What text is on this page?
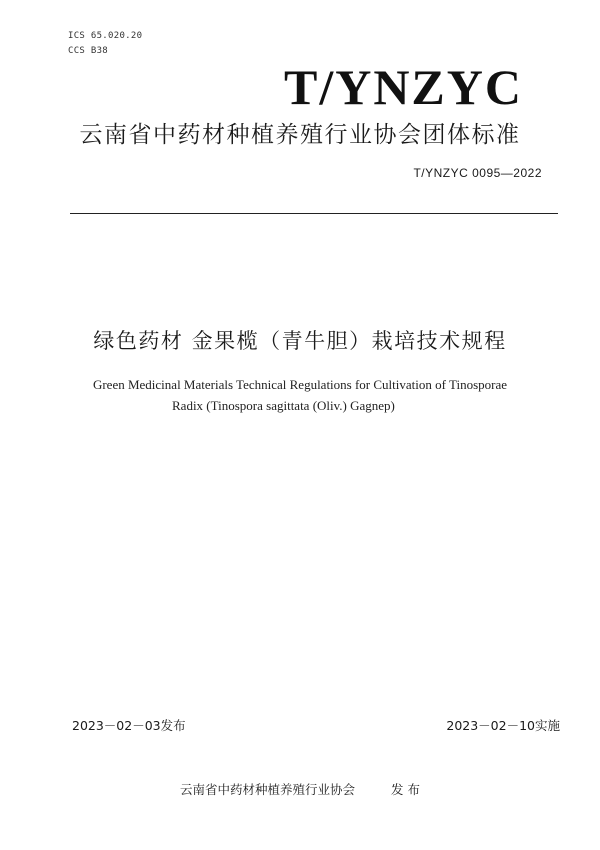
ICS 65.020.20
CCS B38
T/YNZYC
云南省中药材种植养殖行业协会团体标准
T/YNZYC 0095—2022
绿色药材 金果榄（青牛胆）栽培技术规程
Green Medicinal Materials Technical Regulations for Cultivation of Tinosporae
Radix (Tinospora sagittata (Oliv.) Gagnep)
2023－02－03发布	2023－02－10实施
云南省中药材种植养殖行业协会	发 布
